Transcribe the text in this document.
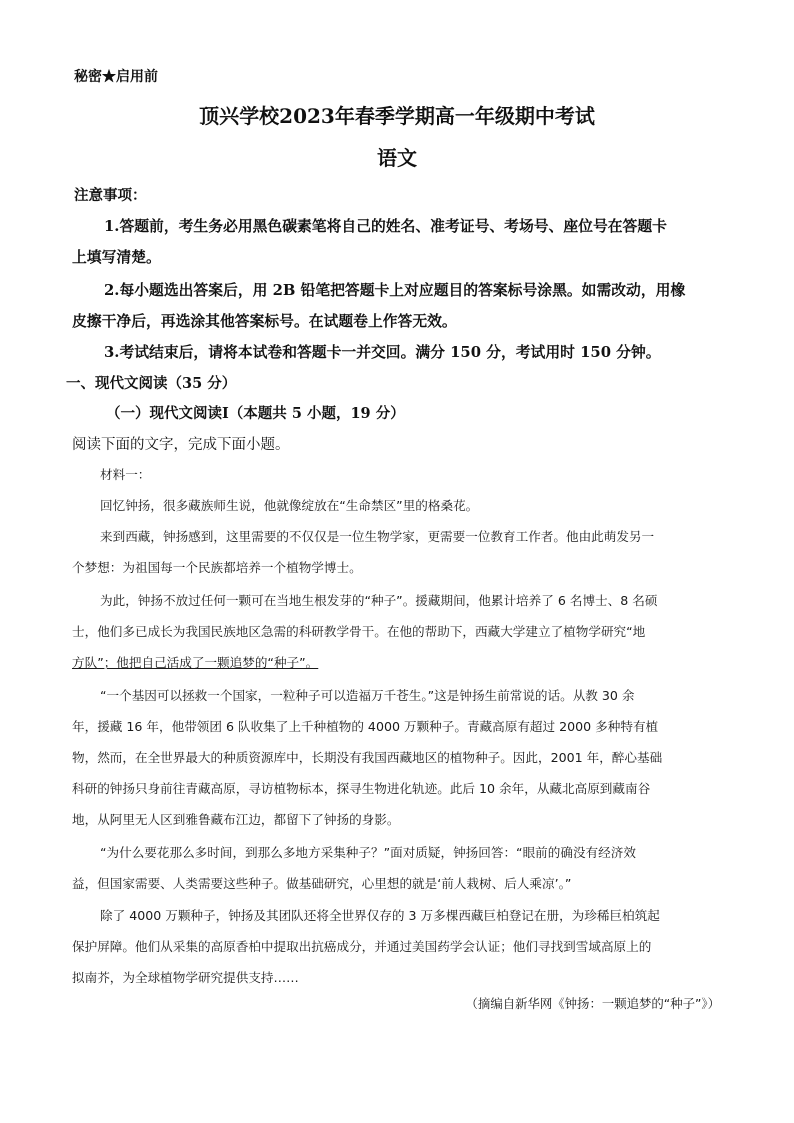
秘密★启用前
顶兴学校2023年春季学期高一年级期中考试
语文
注意事项：
1.答题前，考生务必用黑色碳素笔将自己的姓名、准考证号、考场号、座位号在答题卡
上填写清楚。
2.每小题选出答案后，用 2B 铅笔把答题卡上对应题目的答案标号涂黑。如需改动，用橡
皮擦干净后，再选涂其他答案标号。在试题卷上作答无效。
3.考试结束后，请将本试卷和答题卡一并交回。满分 150 分，考试用时 150 分钟。
一、现代文阅读（35 分）
（一）现代文阅读Ⅰ（本题共 5 小题，19 分）
阅读下面的文字，完成下面小题。
材料一：
回忆钟扬，很多藏族师生说，他就像绽放在“生命禁区”里的格桑花。
来到西藏，钟扬感到，这里需要的不仅仅是一位生物学家，更需要一位教育工作者。他由此萌发另一
个梦想：为祖国每一个民族都培养一个植物学博士。
为此，钟扬不放过任何一颗可在当地生根发芽的“种子”。援藏期间，他累计培养了 6 名博士、8 名硕
士，他们多已成长为我国民族地区急需的科研教学骨干。在他的帮助下，西藏大学建立了植物学研究“地
方队”；他把自己活成了一颗追梦的“种子”。
“一个基因可以拯救一个国家，一粒种子可以造福万千苍生。”这是钟扬生前常说的话。从教 30 余
年，援藏 16 年，他带领团 6 队收集了上千种植物的 4000 万颗种子。青藏高原有超过 2000 多种特有植
物，然而，在全世界最大的种质资源库中，长期没有我国西藏地区的植物种子。因此，2001 年，醉心基础
科研的钟扬只身前往青藏高原，寻访植物标本，探寻生物进化轨迹。此后 10 余年，从藏北高原到藏南谷
地，从阿里无人区到雅鲁藏布江边，都留下了钟扬的身影。
“为什么要花那么多时间，到那么多地方采集种子？”面对质疑，钟扬回答：“眼前的确没有经济效
益，但国家需要、人类需要这些种子。做基础研究，心里想的就是‘前人栽树、后人乘凉’。”
除了 4000 万颗种子，钟扬及其团队还将全世界仅存的 3 万多棵西藏巨柏登记在册，为珍稀巨柏筑起
保护屏障。他们从采集的高原香柏中提取出抗癌成分，并通过美国药学会认证；他们寻找到雪域高原上的
拟南芥，为全球植物学研究提供支持……
（摘编自新华网《钟扬：一颗追梦的“种子”》）
